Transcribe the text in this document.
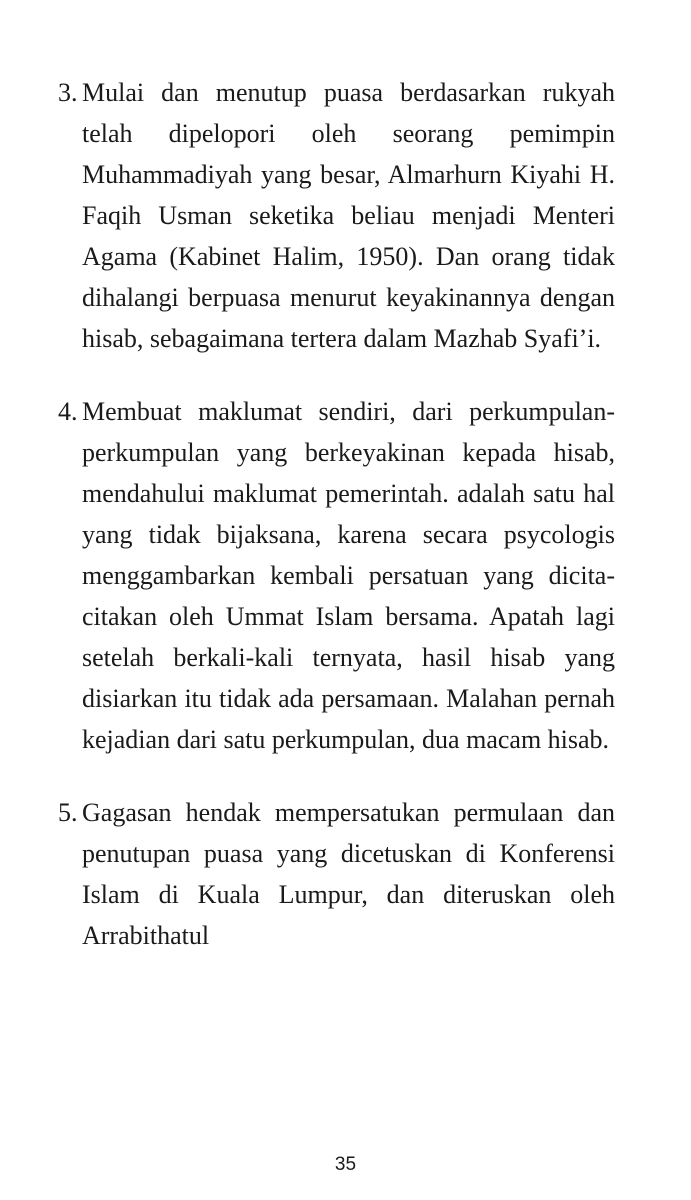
3. Mulai dan menutup puasa berdasarkan rukyah telah dipelopori oleh seorang pemimpin Muhammadiyah yang besar, Almarhurn Kiyahi H. Faqih Usman seketika beliau menjadi Menteri Agama (Kabinet Halim, 1950). Dan orang tidak dihalangi berpuasa menurut keyakinannya dengan hisab, sebagaimana tertera dalam Mazhab Syafi’i.
4. Membuat maklumat sendiri, dari perkumpulan-perkumpulan yang berkeyakinan kepada hisab, mendahului maklumat pemerintah. adalah satu hal yang tidak bijaksana, karena secara psycologis menggambarkan kembali persatuan yang dicita-citakan oleh Ummat Islam bersama. Apatah lagi setelah berkali-kali ternyata, hasil hisab yang disiarkan itu tidak ada persamaan. Malahan pernah kejadian dari satu perkumpulan, dua macam hisab.
5. Gagasan hendak mempersatukan permulaan dan penutupan puasa yang dicetuskan di Konferensi Islam di Kuala Lumpur, dan diteruskan oleh Arrabithatul
35
